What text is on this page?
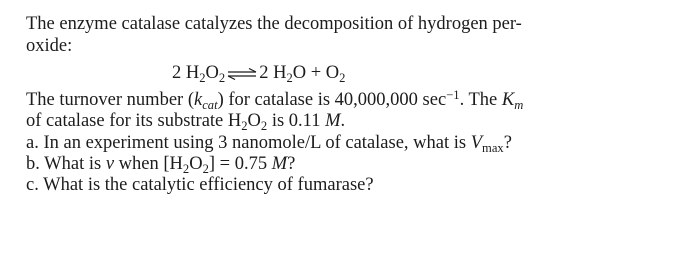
The enzyme catalase catalyzes the decomposition of hydrogen per-
oxide:
2 $H_2O_2$ ⇌ 2 $H_2O + O_2$
The turnover number $(k_{cat})$ for catalase is 40,000,000 $\sec^{-1}$. The $K_m$
of catalase for its substrate $H_2O_2$ is 0.11 M.
a. In an experiment using 3 nanomole/L of catalase, what is $V_{max}$?
b. What is v when $[H_2O_2] = 0.75$ M?
c. What is the catalytic efficiency of fumarase?
